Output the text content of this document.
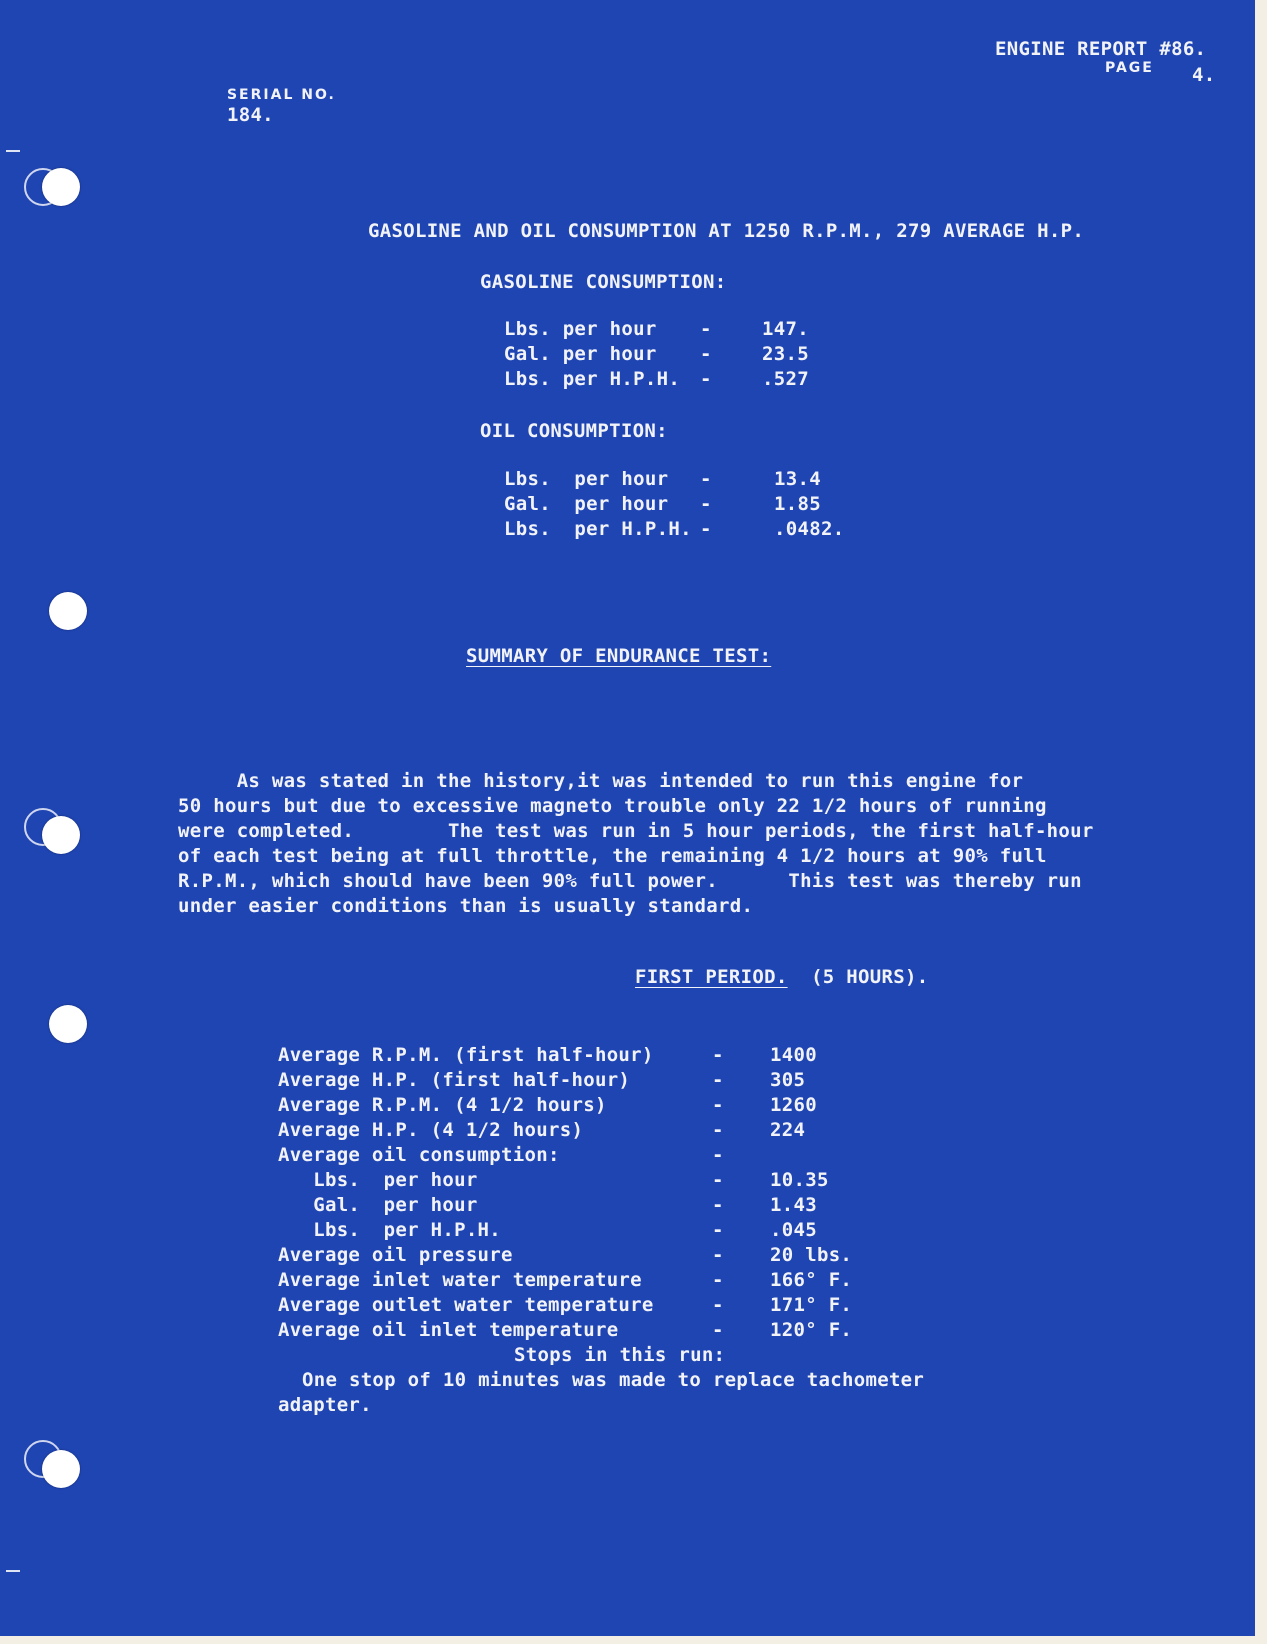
SERIAL NO.
184.

ENGINE REPORT #86.
PAGE 4.
GASOLINE AND OIL CONSUMPTION AT 1250 R.P.M., 279 AVERAGE H.P.
GASOLINE CONSUMPTION:
Lbs. per hour -	147.
Gal. per hour -	23.5
Lbs. per H.P.H. -	.527
OIL CONSUMPTION:
Lbs.  per hour -	13.4
Gal.  per hour -	1.85
Lbs.  per H.P.H. -	.0482.
SUMMARY OF ENDURANCE TEST:
As was stated in the history,it was intended to run this engine for
50 hours but due to excessive magneto trouble only 22 1/2 hours of running
were completed.        The test was run in 5 hour periods, the first half-hour
of each test being at full throttle, the remaining 4 1/2 hours at 90% full
R.P.M., which should have been 90% full power.      This test was thereby run
under easier conditions than is usually standard.

FIRST PERIOD. (5 HOURS).

Average R.P.M. (first half-hour)	- 1400
Average H.P. (first half-hour)	- 305
Average R.P.M. (4 1/2 hours)	- 1260
Average H.P. (4 1/2 hours)	- 224
Average oil consumption:	-
Lbs.  per hour	- 10.35
Gal.  per hour	- 1.43
Lbs.  per H.P.H.	- .045
Average oil pressure	- 20 lbs.
Average inlet water temperature	- 166° F.
Average outlet water temperature	- 171° F.
Average oil inlet temperature	- 120° F.
Stops in this run:
One stop of 10 minutes was made to replace tachometer
adapter.
